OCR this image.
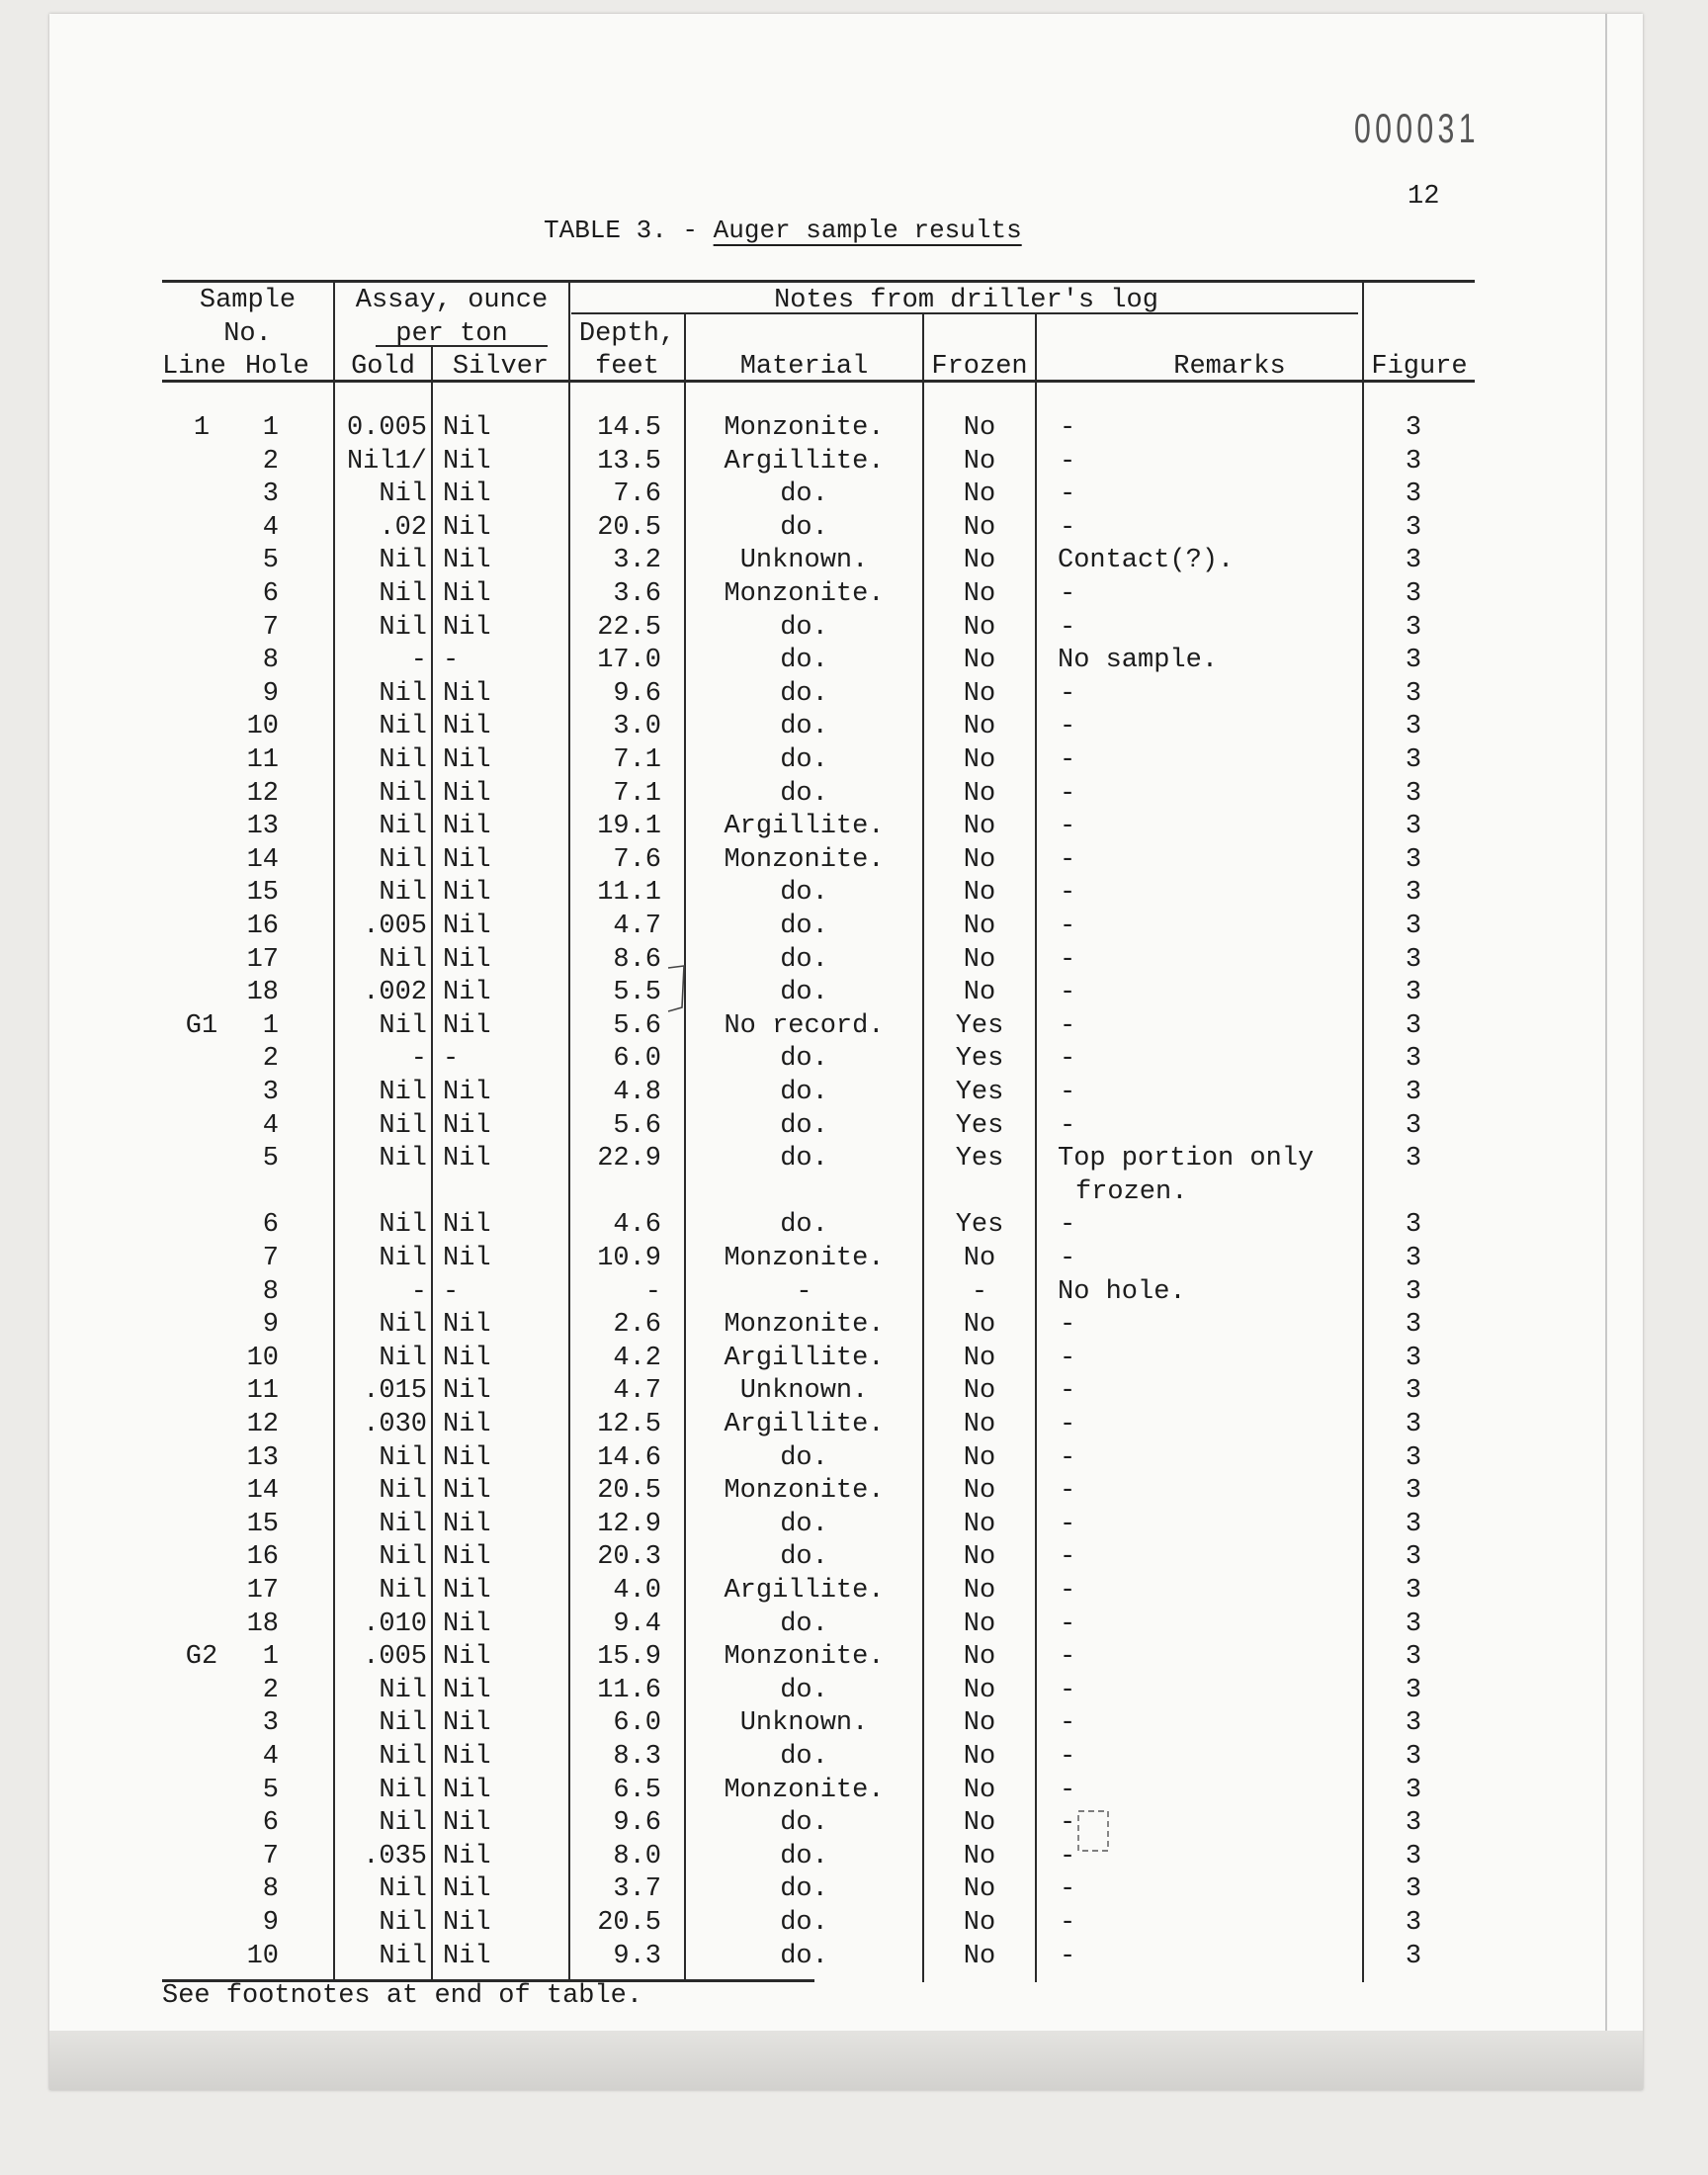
000031
12
TABLE 3. - Auger sample results
Sample
No.
Line Hole
Assay, ounce
per ton
Gold	Silver
Notes from driller's log
Depth,
feet	Material	Frozen	Remarks	Figure
1	1	0.005 Nil	14.5	Monzonite.	No	-	3
2	Nil1/ Nil	13.5	Argillite.	No	-	3
3	Nil Nil	7.6	do.	No	-	3
4	.02 Nil	20.5	do.	No	-	3
5	Nil Nil	3.2	Unknown.	No	Contact(?).	3
6	Nil Nil	3.6	Monzonite.	No	-	3
7	Nil Nil	22.5	do.	No	-	3
8	- -	17.0	do.	No	No sample.	3
9	Nil Nil	9.6	do.	No	-	3
10	Nil Nil	3.0	do.	No	-	3
11	Nil Nil	7.1	do.	No	-	3
12	Nil Nil	7.1	do.	No	-	3
13	Nil Nil	19.1	Argillite.	No	-	3
14	Nil Nil	7.6	Monzonite.	No	-	3
15	Nil Nil	11.1	do.	No	-	3
16	.005 Nil	4.7	do.	No	-	3
17	Nil Nil	8.6	do.	No	-	3
18	.002 Nil	5.5	do.	No	-	3
G1	1	Nil Nil	5.6	No record.	Yes	-	3
2	- -	6.0	do.	Yes	-	3
3	Nil Nil	4.8	do.	Yes	-	3
4	Nil Nil	5.6	do.	Yes	-	3
5	Nil Nil	22.9	do.	Yes	Top portion only	3
frozen.
6	Nil Nil	4.6	do.	Yes	-	3
7	Nil Nil	10.9	Monzonite.	No	-	3
8	- -	-	-	-	No hole.	3
9	Nil Nil	2.6	Monzonite.	No	-	3
10	Nil Nil	4.2	Argillite.	No	-	3
11	.015 Nil	4.7	Unknown.	No	-	3
12	.030 Nil	12.5	Argillite.	No	-	3
13	Nil Nil	14.6	do.	No	-	3
14	Nil Nil	20.5	Monzonite.	No	-	3
15	Nil Nil	12.9	do.	No	-	3
16	Nil Nil	20.3	do.	No	-	3
17	Nil Nil	4.0	Argillite.	No	-	3
18	.010 Nil	9.4	do.	No	-	3
G2	1	.005 Nil	15.9	Monzonite.	No	-	3
2	Nil Nil	11.6	do.	No	-	3
3	Nil Nil	6.0	Unknown.	No	-	3
4	Nil Nil	8.3	do.	No	-	3
5	Nil Nil	6.5	Monzonite.	No	-	3
6	Nil Nil	9.6	do.	No	-	3
7	.035 Nil	8.0	do.	No	-	3
8	Nil Nil	3.7	do.	No	-	3
9	Nil Nil	20.5	do.	No	-	3
10	Nil Nil	9.3	do.	No	-	3
See footnotes at end of table.
